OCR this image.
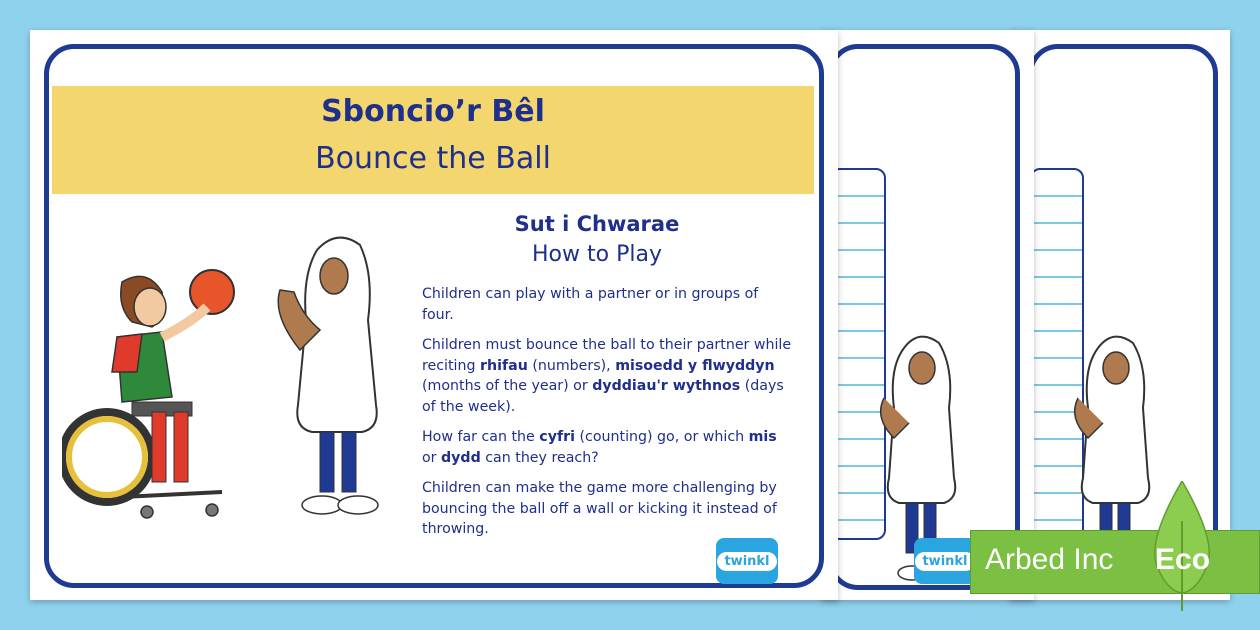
twinkl
Sboncio’r Bêl
Bounce the Ball
Sut i Chwarae
How to Play

Children can play with a partner or in groups of four.

Children must bounce the ball to their partner while reciting rhifau (numbers), misoedd y flwyddyn (months of the year) or dyddiau'r wythnos (days of the week).

How far can the cyfri (counting) go, or which mis or dydd can they reach?

Children can make the game more challenging by bouncing the ball off a wall or kicking it instead of throwing.

twinkl	Arbed Inc Eco
